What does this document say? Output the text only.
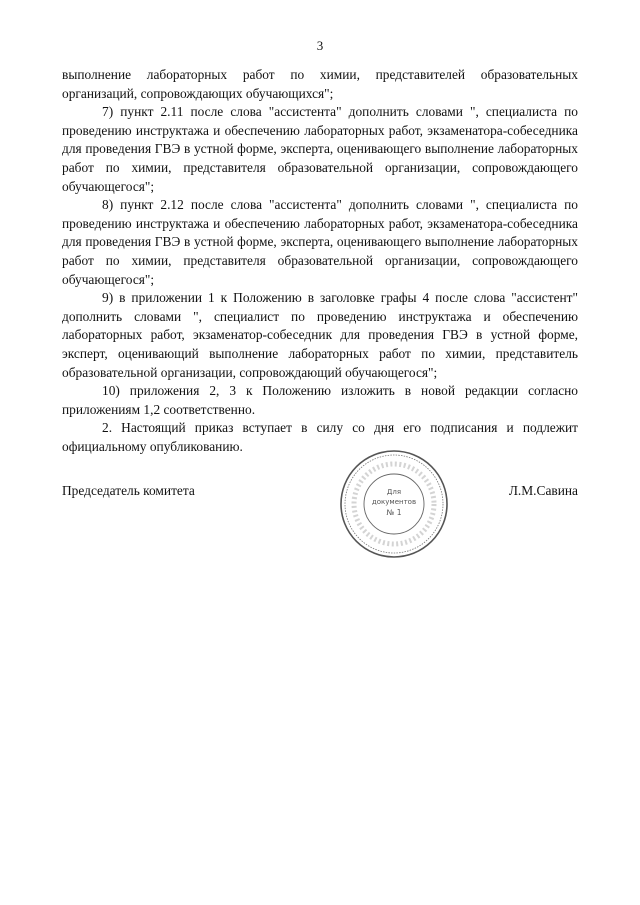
3

выполнение лабораторных работ по химии, представителей образовательных организаций, сопровождающих обучающихся";

7) пункт 2.11 после слова "ассистента" дополнить словами ", специалиста по проведению инструктажа и обеспечению лабораторных работ, экзаменатора-собеседника для проведения ГВЭ в устной форме, эксперта, оценивающего выполнение лабораторных работ по химии, представителя образовательной организации, сопровождающего обучающегося";

8) пункт 2.12 после слова "ассистента" дополнить словами ", специалиста по проведению инструктажа и обеспечению лабораторных работ, экзаменатора-собеседника для проведения ГВЭ в устной форме, эксперта, оценивающего выполнение лабораторных работ по химии, представителя образовательной организации, сопровождающего обучающегося";

9) в приложении 1 к Положению в заголовке графы 4 после слова "ассистент" дополнить словами ", специалист по проведению инструктажа и обеспечению лабораторных работ, экзаменатор-собеседник для проведения ГВЭ в устной форме, эксперт, оценивающий выполнение лабораторных работ по химии, представитель образовательной организации, сопровождающий обучающегося";

10) приложения 2, 3 к Положению изложить в новой редакции согласно приложениям 1,2 соответственно.

2. Настоящий приказ вступает в силу со дня его подписания и подлежит официальному опубликованию.

Председатель комитета	Л.М.Савина
Для
документов
№ 1
